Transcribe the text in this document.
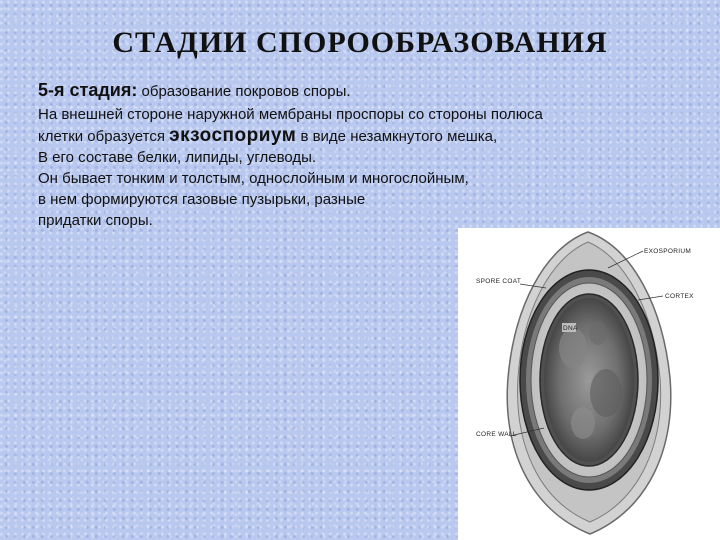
СТАДИИ СПОРООБРАЗОВАНИЯ
5-я стадия: образование покровов споры.
На внешней стороне наружной мембраны проспоры со стороны полюса
клетки образуется экзоспориум в виде незамкнутого мешка,
В его составе белки, липиды, углеводы.
Он бывает тонким и толстым, однослойным и многослойным,
в нем формируются газовые пузырьки, разные
придатки споры.
DNA
EXOSPORIUM
SPORE COAT
CORTEX
CORE WALL
